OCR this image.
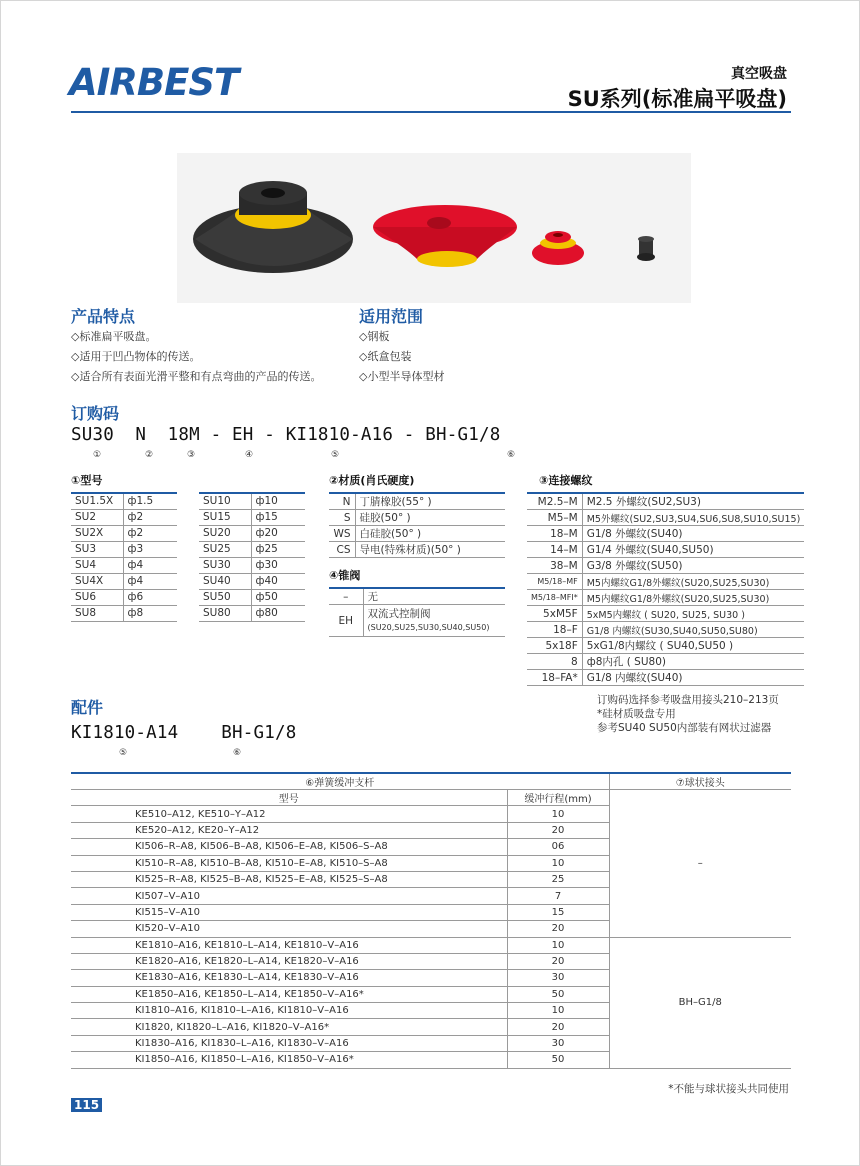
AIRBEST	真空吸盘
SU系列(标准扁平吸盘)
产品特点
◇标准扁平吸盘。
◇适用于凹凸物体的传送。
◇适合所有表面光滑平整和有点弯曲的产品的传送。
适用范围
◇钢板
◇纸盒包装
◇小型半导体型材
订购码
SU30  N  18M - EH - KI1810-A16 - BH-G1/8
①	②	③	④	⑤	⑥
①型号
SU1.5X	ф1.5
SU2	ф2
SU2X	ф2
SU3	ф3
SU4	ф4
SU4X	ф4
SU6	ф6
SU8	ф8
SU10	ф10
SU15	ф15
SU20	ф20
SU25	ф25
SU30	ф30
SU40	ф40
SU50	ф50
SU80	ф80
②材质(肖氏硬度)
N	丁腈橡胶(55° )
S	硅胶(50° )
WS	白硅胶(50° )
CS	导电(特殊材质)(50° )
④锥阀
–	无
EH	双流式控制阀
(SU20,SU25,SU30,SU40,SU50)
③连接螺纹
M2.5–M	M2.5 外螺纹(SU2,SU3)
M5–M	M5外螺纹(SU2,SU3,SU4,SU6,SU8,SU10,SU15)
18–M	G1/8 外螺纹(SU40)
14–M	G1/4 外螺纹(SU40,SU50)
38–M	G3/8 外螺纹(SU50)
M5/18–MF	M5内螺纹G1/8外螺纹(SU20,SU25,SU30)
M5/18–MFI*	M5内螺纹G1/8外螺纹(SU20,SU25,SU30)
5xM5F	5xM5内螺纹 ( SU20, SU25, SU30 )
18–F	G1/8 内螺纹(SU30,SU40,SU50,SU80)
5x18F	5xG1/8内螺纹 ( SU40,SU50 )
8	ф8内孔 ( SU80)
18–FA*	G1/8 内螺纹(SU40)
订购码选择参考吸盘用接头210–213页
*硅材质吸盘专用
参考SU40 SU50内部装有网状过滤器
配件
KI1810-A14    BH-G1/8
⑤	⑥
⑥弹簧缓冲支杆		⑦球状接头
型号	缓冲行程(mm)	–
KE510–A12, KE510–Y–A12	10	
KE520–A12, KE20–Y–A12	20	
KI506–R–A8, KI506–B–A8, KI506–E–A8, KI506–S–A8	06	
KI510–R–A8, KI510–B–A8, KI510–E–A8, KI510–S–A8	10	
KI525–R–A8, KI525–B–A8, KI525–E–A8, KI525–S–A8	25	
KI507–V–A10	7	
KI515–V–A10	15	
KI520–V–A10	20	
KE1810–A16, KE1810–L–A14, KE1810–V–A16	10	BH–G1/8
KE1820–A16, KE1820–L–A14, KE1820–V–A16	20	
KE1830–A16, KE1830–L–A14, KE1830–V–A16	30	
KE1850–A16, KE1850–L–A14, KE1850–V–A16*	50	
KI1810–A16, KI1810–L–A16, KI1810–V–A16	10	
KI1820, KI1820–L–A16, KI1820–V–A16*	20	
KI1830–A16, KI1830–L–A16, KI1830–V–A16	30	
KI1850–A16, KI1850–L–A16, KI1850–V–A16*	50	
*不能与球状接头共同使用
115
